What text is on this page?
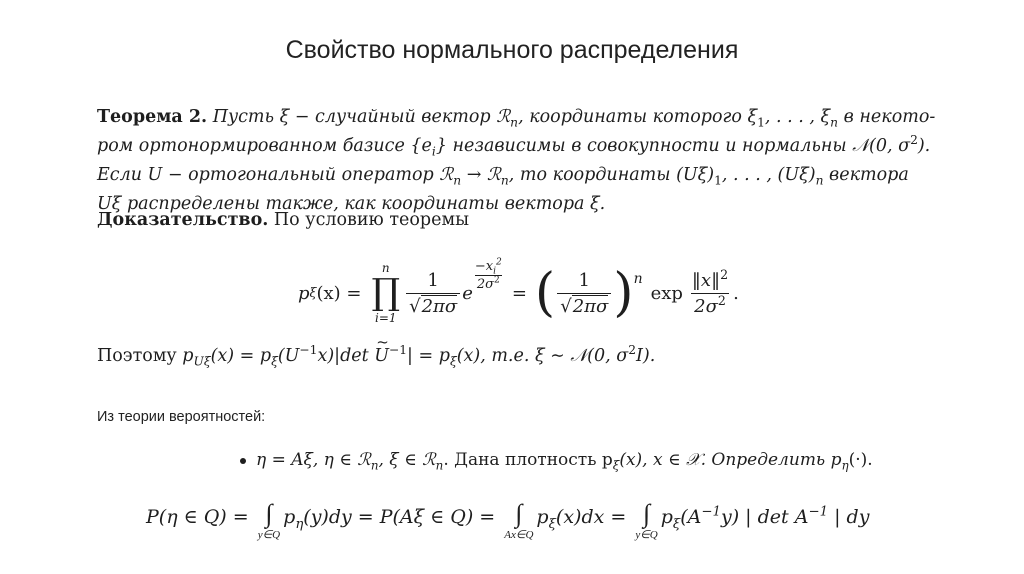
Свойство нормального распределения
Теорема 2. Пусть ξ − случайный вектор ℛ$_n$, координаты которого $\xi_1$, . . . , $\xi_n$ в некото-
ром ортонормированном базисе $\{e_i\}$ независимы в совокупности и нормальны 𝒩(0, $\sigma^2$).
Если U − ортогональный оператор ℛ$_n$ → ℛ$_n$, то координаты $(U\xi)_1$, . . . , $(U\xi)_n$ вектора
Uξ распределены также, как координаты вектора ξ.
Доказательство. По условию теоремы
p ξ (x) =
n
∏
i=1
$\frac{1}{√2\pi\sigma}$ e
$\frac{-x_i^2}{2\sigma^2}$
= ( $\frac{1}{√2\pi\sigma} )^n$
$\exp \frac{‖x‖^2}{2\sigma^2}$ .
Поэтому $p_{U\xi}(x) = p_\xi(U^{-1}x)|\det$ ~ $U^{-1}| = p_\xi(x)$, т.е. ξ ∼ 𝒩(0, $\sigma^2I$).
Из теории вероятностей:
η = Aξ, η ∈ ℛ$_n$, ξ ∈ ℛ$_n$. Дана плотность $p_\xi(x)$, x ∈ 𝒳. Определить $p_\eta(\cdot)$.
P(η ∈ Q) = ∫
y∈Q
$p_\eta(y)dy = P(A\xi$ ∈ Q) = ∫
Ax∈Q
$p_\xi(x)dx$ = ∫
y∈Q
$p_\xi(A^{-1}y)$ | $\det A^{-1}$ | dy
